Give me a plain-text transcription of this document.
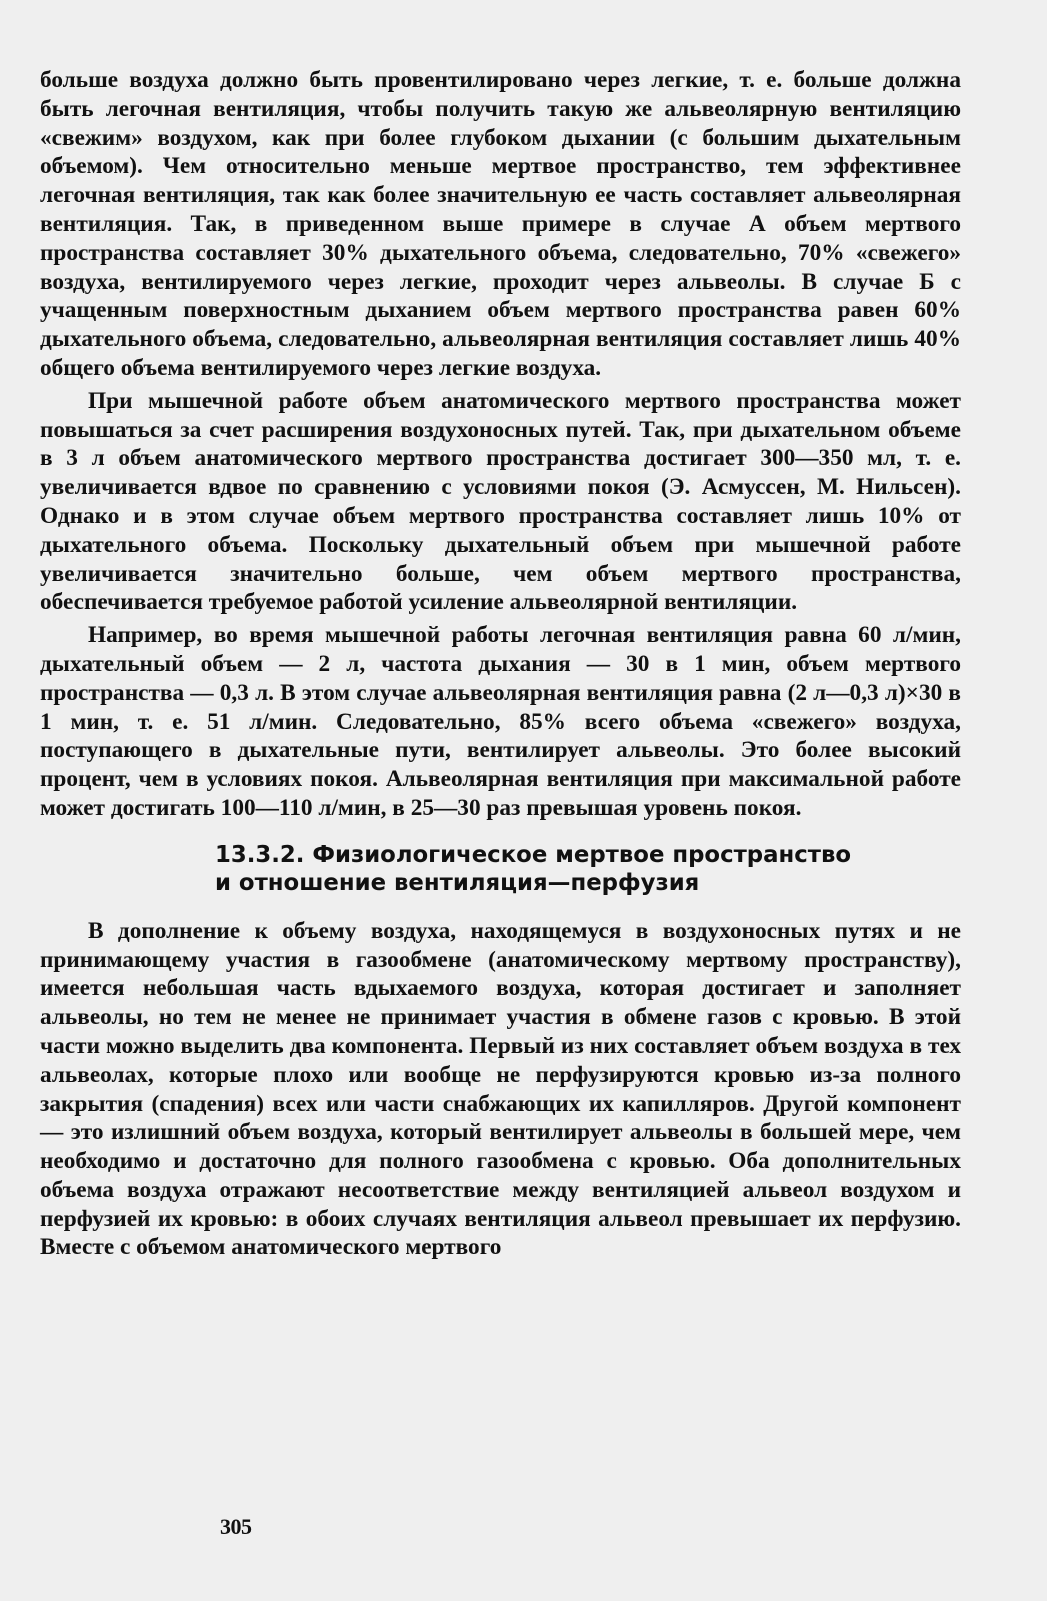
больше воздуха должно быть провентилировано через легкие, т. е. больше должна быть легочная вентиляция, чтобы получить такую же альвеолярную вентиляцию «свежим» воздухом, как при более глубоком дыхании (с большим дыхательным объемом). Чем относительно меньше мертвое пространство, тем эффективнее легочная вентиляция, так как более значительную ее часть составляет альвеолярная вентиляция. Так, в приведенном выше примере в случае А объем мертвого пространства составляет 30% дыхательного объема, следовательно, 70% «свежего» воздуха, вентилируемого через легкие, проходит через альвеолы. В случае Б с учащенным поверхностным дыханием объем мертвого пространства равен 60% дыхательного объема, следовательно, альвеолярная вентиляция составляет лишь 40% общего объема вентилируемого через легкие воздуха.

При мышечной работе объем анатомического мертвого пространства может повышаться за счет расширения воздухоносных путей. Так, при дыхательном объеме в 3 л объем анатомического мертвого пространства достигает 300—350 мл, т. е. увеличивается вдвое по сравнению с условиями покоя (Э. Асмуссен, М. Нильсен). Однако и в этом случае объем мертвого пространства составляет лишь 10% от дыхательного объема. Поскольку дыхательный объем при мышечной работе увеличивается значительно больше, чем объем мертвого пространства, обеспечивается требуемое работой усиление альвеолярной вентиляции.

Например, во время мышечной работы легочная вентиляция равна 60 л/мин, дыхательный объем — 2 л, частота дыхания — 30 в 1 мин, объем мертвого пространства — 0,3 л. В этом случае альвеолярная вентиляция равна (2 л—0,3 л)×30 в 1 мин, т. е. 51 л/мин. Следовательно, 85% всего объема «свежего» воздуха, поступающего в дыхательные пути, вентилирует альвеолы. Это более высокий процент, чем в условиях покоя. Альвеолярная вентиляция при максимальной работе может достигать 100—110 л/мин, в 25—30 раз превышая уровень покоя.

13.3.2. Физиологическое мертвое пространство
и отношение вентиляция—перфузия

В дополнение к объему воздуха, находящемуся в воздухоносных путях и не принимающему участия в газообмене (анатомическому мертвому пространству), имеется небольшая часть вдыхаемого воздуха, которая достигает и заполняет альвеолы, но тем не менее не принимает участия в обмене газов с кровью. В этой части можно выделить два компонента. Первый из них составляет объем воздуха в тех альвеолах, которые плохо или вообще не перфузируются кровью из-за полного закрытия (спадения) всех или части снабжающих их капилляров. Другой компонент — это излишний объем воздуха, который вентилирует альвеолы в большей мере, чем необходимо и достаточно для полного газообмена с кровью. Оба дополнительных объема воздуха отражают несоответствие между вентиляцией альвеол воздухом и перфузией их кровью: в обоих случаях вентиляция альвеол превышает их перфузию. Вместе с объемом анатомического мертвого

305
